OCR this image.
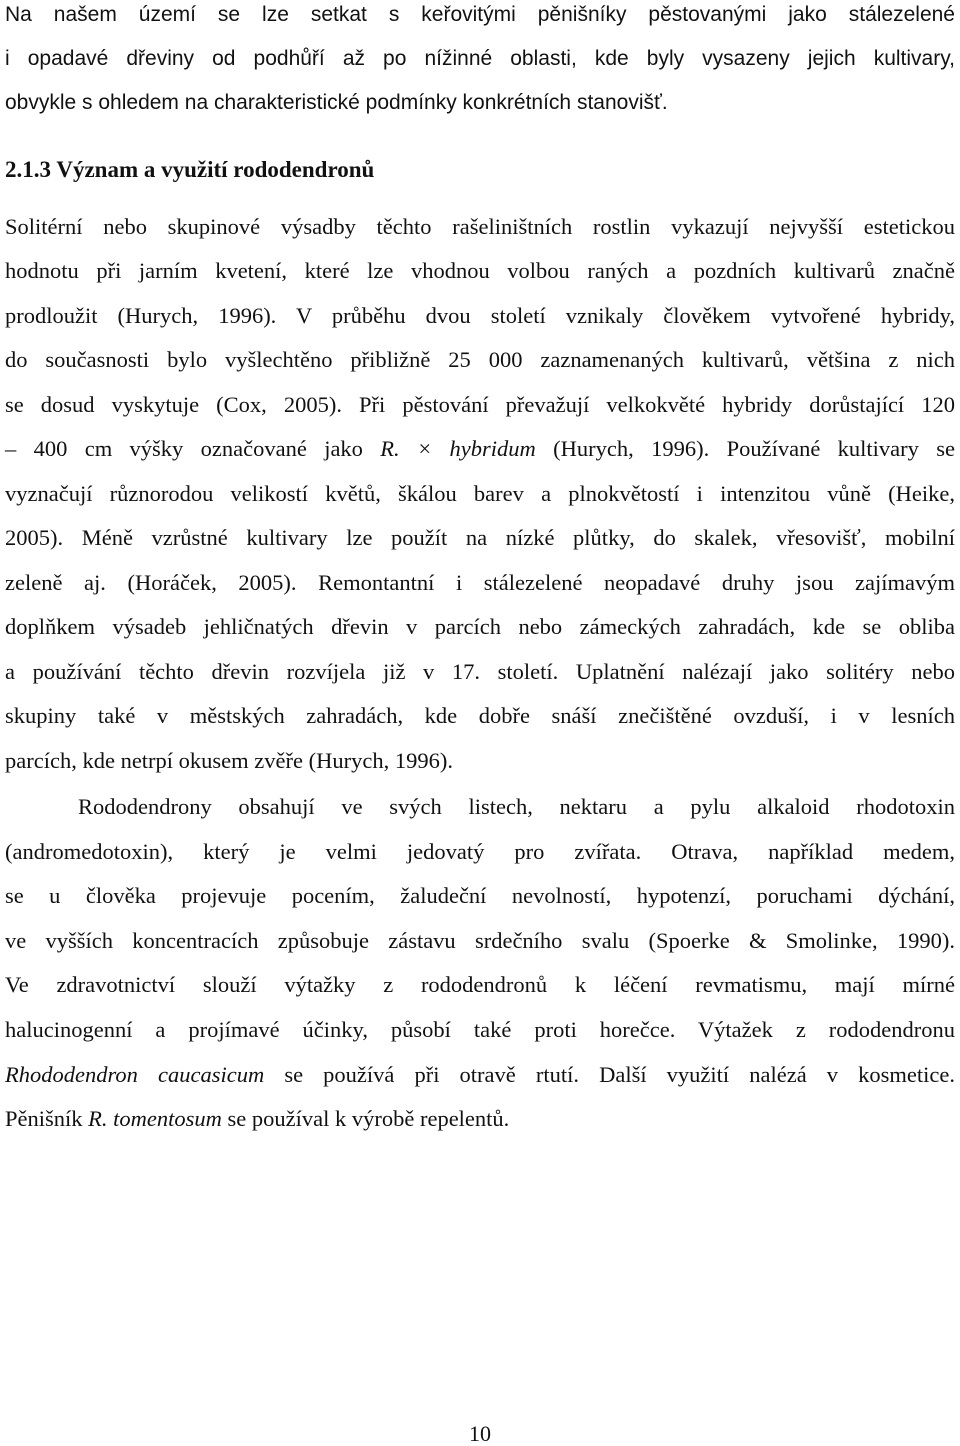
Na našem území se lze setkat s keřovitými pěnišníky pěstovanými jako stálezelené
i opadavé dřeviny od podhůří až po nížinné oblasti, kde byly vysazeny jejich kultivary,
obvykle s ohledem na charakteristické podmínky konkrétních stanovišť.
2.1.3 Význam a využití rododendronů
Solitérní nebo skupinové výsadby těchto rašeliništních rostlin vykazují nejvyšší estetickou
hodnotu při jarním kvetení, které lze vhodnou volbou raných a pozdních kultivarů značně
prodloužit (Hurych, 1996). V průběhu dvou století vznikaly člověkem vytvořené hybridy,
do současnosti bylo vyšlechtěno přibližně 25 000 zaznamenaných kultivarů, většina z nich
se dosud vyskytuje (Cox, 2005). Při pěstování převažují velkokvěté hybridy dorůstající 120
– 400 cm výšky označované jako R. × hybridum (Hurych, 1996). Používané kultivary se
vyznačují různorodou velikostí květů, škálou barev a plnokvětostí i intenzitou vůně (Heike,
2005). Méně vzrůstné kultivary lze použít na nízké plůtky, do skalek, vřesovišť, mobilní
zeleně aj. (Horáček, 2005). Remontantní i stálezelené neopadavé druhy jsou zajímavým
doplňkem výsadeb jehličnatých dřevin v parcích nebo zámeckých zahradách, kde se obliba
a používání těchto dřevin rozvíjela již v 17. století. Uplatnění nalézají jako solitéry nebo
skupiny také v městských zahradách, kde dobře snáší znečištěné ovzduší, i v lesních
parcích, kde netrpí okusem zvěře (Hurych, 1996).
Rododendrony obsahují ve svých listech, nektaru a pylu alkaloid rhodotoxin
(andromedotoxin), který je velmi jedovatý pro zvířata. Otrava, například medem,
se u člověka projevuje pocením, žaludeční nevolností, hypotenzí, poruchami dýchání,
ve vyšších koncentracích způsobuje zástavu srdečního svalu (Spoerke & Smolinke, 1990).
Ve zdravotnictví slouží výtažky z rododendronů k léčení revmatismu, mají mírné
halucinogenní a projímavé účinky, působí také proti horečce. Výtažek z rododendronu
Rhododendron caucasicum se používá při otravě rtutí. Další využití nalézá v kosmetice.
Pěnišník R. tomentosum se používal k výrobě repelentů.
10
